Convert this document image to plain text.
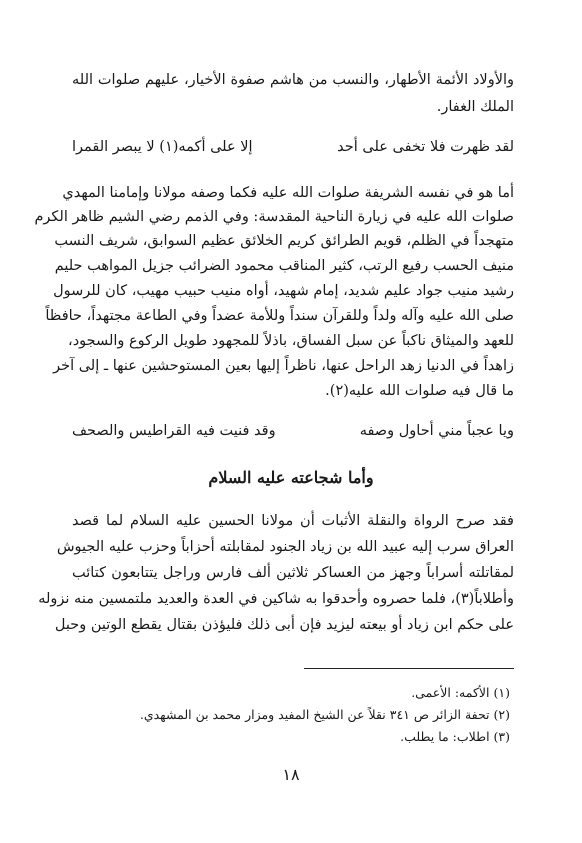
والأولاد الأئمة الأطهار، والنسب من هاشم صفوة الأخيار، عليهم صلوات الله
الملك الغفار.
لقد ظهرت فلا تخفى على أحد
إلا على أكمه(١) لا يبصر القمرا
أما هو في نفسه الشريفة صلوات الله عليه فكما وصفه مولانا وإمامنا المهدي
صلوات الله عليه في زيارة الناحية المقدسة: وفي الذمم رضي الشيم ظاهر الكرم
متهجداً في الظلم، قويم الطرائق كريم الخلائق عظيم السوابق، شريف النسب
منيف الحسب رفيع الرتب، كثير المناقب محمود الضرائب جزيل المواهب حليم
رشيد منيب جواد عليم شديد، إمام شهيد، أواه منيب حبيب مهيب، كان للرسول
صلى الله عليه وآله ولداً وللقرآن سنداً وللأمة عضداً وفي الطاعة مجتهداً، حافظاً
للعهد والميثاق ناكباً عن سبل الفساق، باذلاً للمجهود طويل الركوع والسجود،
زاهداً في الدنيا زهد الراحل عنها، ناظراً إليها بعين المستوحشين عنها ـ إلى آخر
ما قال فيه صلوات الله عليه(٢).
ويا عجباً مني أحاول وصفه
وقد فنيت فيه القراطيس والصحف
وأما شجاعته عليه السلام
فقد صرح الرواة والنقلة الأثبات أن مولانا الحسين عليه السلام لما قصد
العراق سرب إليه عبيد الله بن زياد الجنود لمقابلته أحزاباً وحزب عليه الجيوش
لمقاتلته أسراباً وجهز من العساكر ثلاثين ألف فارس وراجل يتتابعون كتائب
وأطلاباً(٣)، فلما حصروه وأحدقوا به شاكين في العدة والعديد ملتمسين منه نزوله
على حكم ابن زياد أو بيعته ليزيد فإن أبى ذلك فليؤذن بقتال يقطع الوتين وحبل
(١) الأكمه: الأعمى.
(٢) تحفة الزائر ص ٣٤١ نقلاً عن الشيخ المفيد ومزار محمد بن المشهدي.
(٣) اطلاب: ما يطلب.
١٨
